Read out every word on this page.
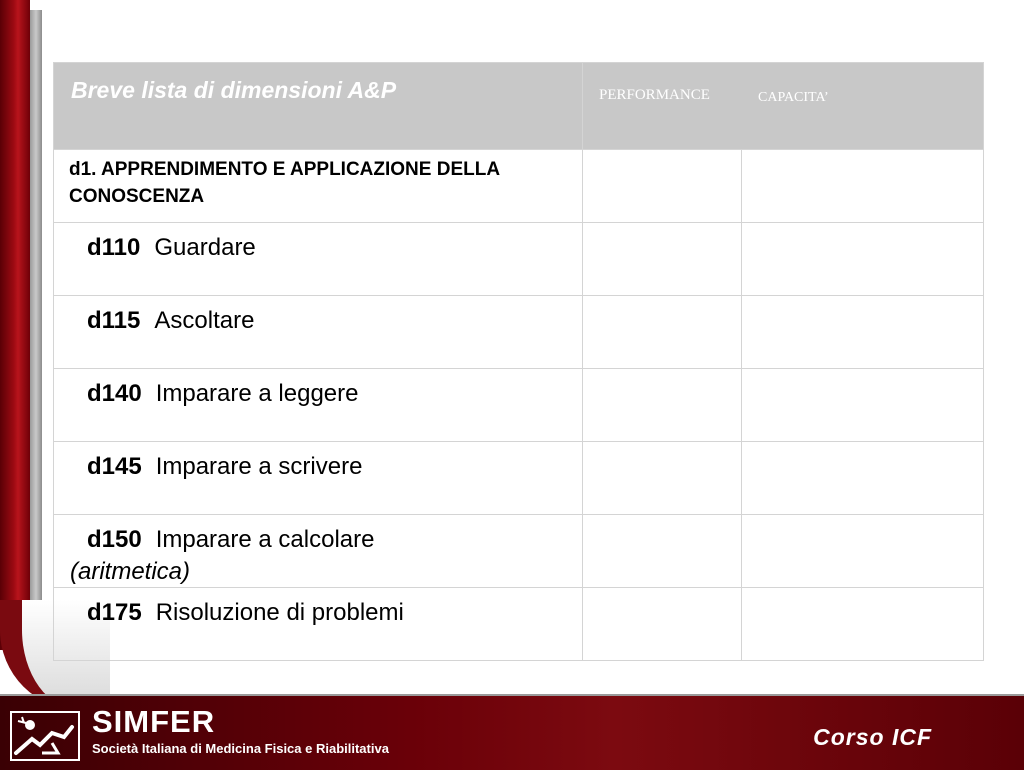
Breve lista di dimensioni A&P	PERFORMANCE CAPACITA’	

d1. APPRENDIMENTO E APPLICAZIONE DELLA CONOSCENZA		

d110 Guardare		

d115 Ascoltare		

d140 Imparare a leggere		

d145 Imparare a scrivere		

d150 Imparare a calcolare
(aritmetica)		

d175 Risoluzione di problemi		

SIMFER
Società Italiana di Medicina Fisica e Riabilitativa	Corso ICF
